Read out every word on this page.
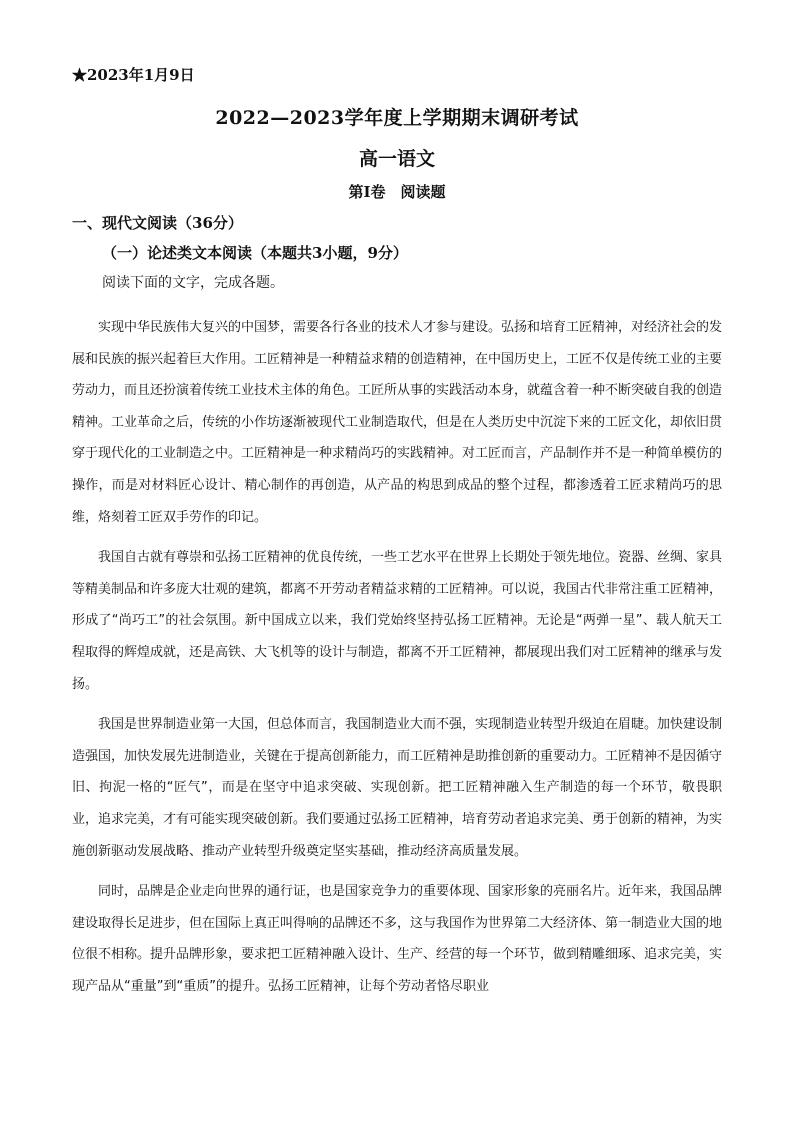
★2023年1月9日
2022—2023学年度上学期期末调研考试
高一语文
第Ⅰ卷　阅读题
一、现代文阅读（36分）
（一）论述类文本阅读（本题共3小题，9分）
阅读下面的文字，完成各题。

实现中华民族伟大复兴的中国梦，需要各行各业的技术人才参与建设。弘扬和培育工匠精神，对经济社会的发展和民族的振兴起着巨大作用。工匠精神是一种精益求精的创造精神，在中国历史上，工匠不仅是传统工业的主要劳动力，而且还扮演着传统工业技术主体的角色。工匠所从事的实践活动本身，就蕴含着一种不断突破自我的创造精神。工业革命之后，传统的小作坊逐渐被现代工业制造取代，但是在人类历史中沉淀下来的工匠文化，却依旧贯穿于现代化的工业制造之中。工匠精神是一种求精尚巧的实践精神。对工匠而言，产品制作并不是一种简单模仿的操作，而是对材料匠心设计、精心制作的再创造，从产品的构思到成品的整个过程，都渗透着工匠求精尚巧的思维，烙刻着工匠双手劳作的印记。

我国自古就有尊崇和弘扬工匠精神的优良传统，一些工艺水平在世界上长期处于领先地位。瓷器、丝绸、家具等精美制品和许多庞大壮观的建筑，都离不开劳动者精益求精的工匠精神。可以说，我国古代非常注重工匠精神，形成了“尚巧工”的社会氛围。新中国成立以来，我们党始终坚持弘扬工匠精神。无论是“两弹一星”、载人航天工程取得的辉煌成就，还是高铁、大飞机等的设计与制造，都离不开工匠精神，都展现出我们对工匠精神的继承与发扬。

我国是世界制造业第一大国，但总体而言，我国制造业大而不强，实现制造业转型升级迫在眉睫。加快建设制造强国，加快发展先进制造业，关键在于提高创新能力，而工匠精神是助推创新的重要动力。工匠精神不是因循守旧、拘泥一格的“匠气”，而是在坚守中追求突破、实现创新。把工匠精神融入生产制造的每一个环节，敬畏职业，追求完美，才有可能实现突破创新。我们要通过弘扬工匠精神，培育劳动者追求完美、勇于创新的精神，为实施创新驱动发展战略、推动产业转型升级奠定坚实基础，推动经济高质量发展。

同时，品牌是企业走向世界的通行证，也是国家竞争力的重要体现、国家形象的亮丽名片。近年来，我国品牌建设取得长足进步，但在国际上真正叫得响的品牌还不多，这与我国作为世界第二大经济体、第一制造业大国的地位很不相称。提升品牌形象，要求把工匠精神融入设计、生产、经营的每一个环节，做到精雕细琢、追求完美，实现产品从“重量”到“重质”的提升。弘扬工匠精神，让每个劳动者恪尽职业
